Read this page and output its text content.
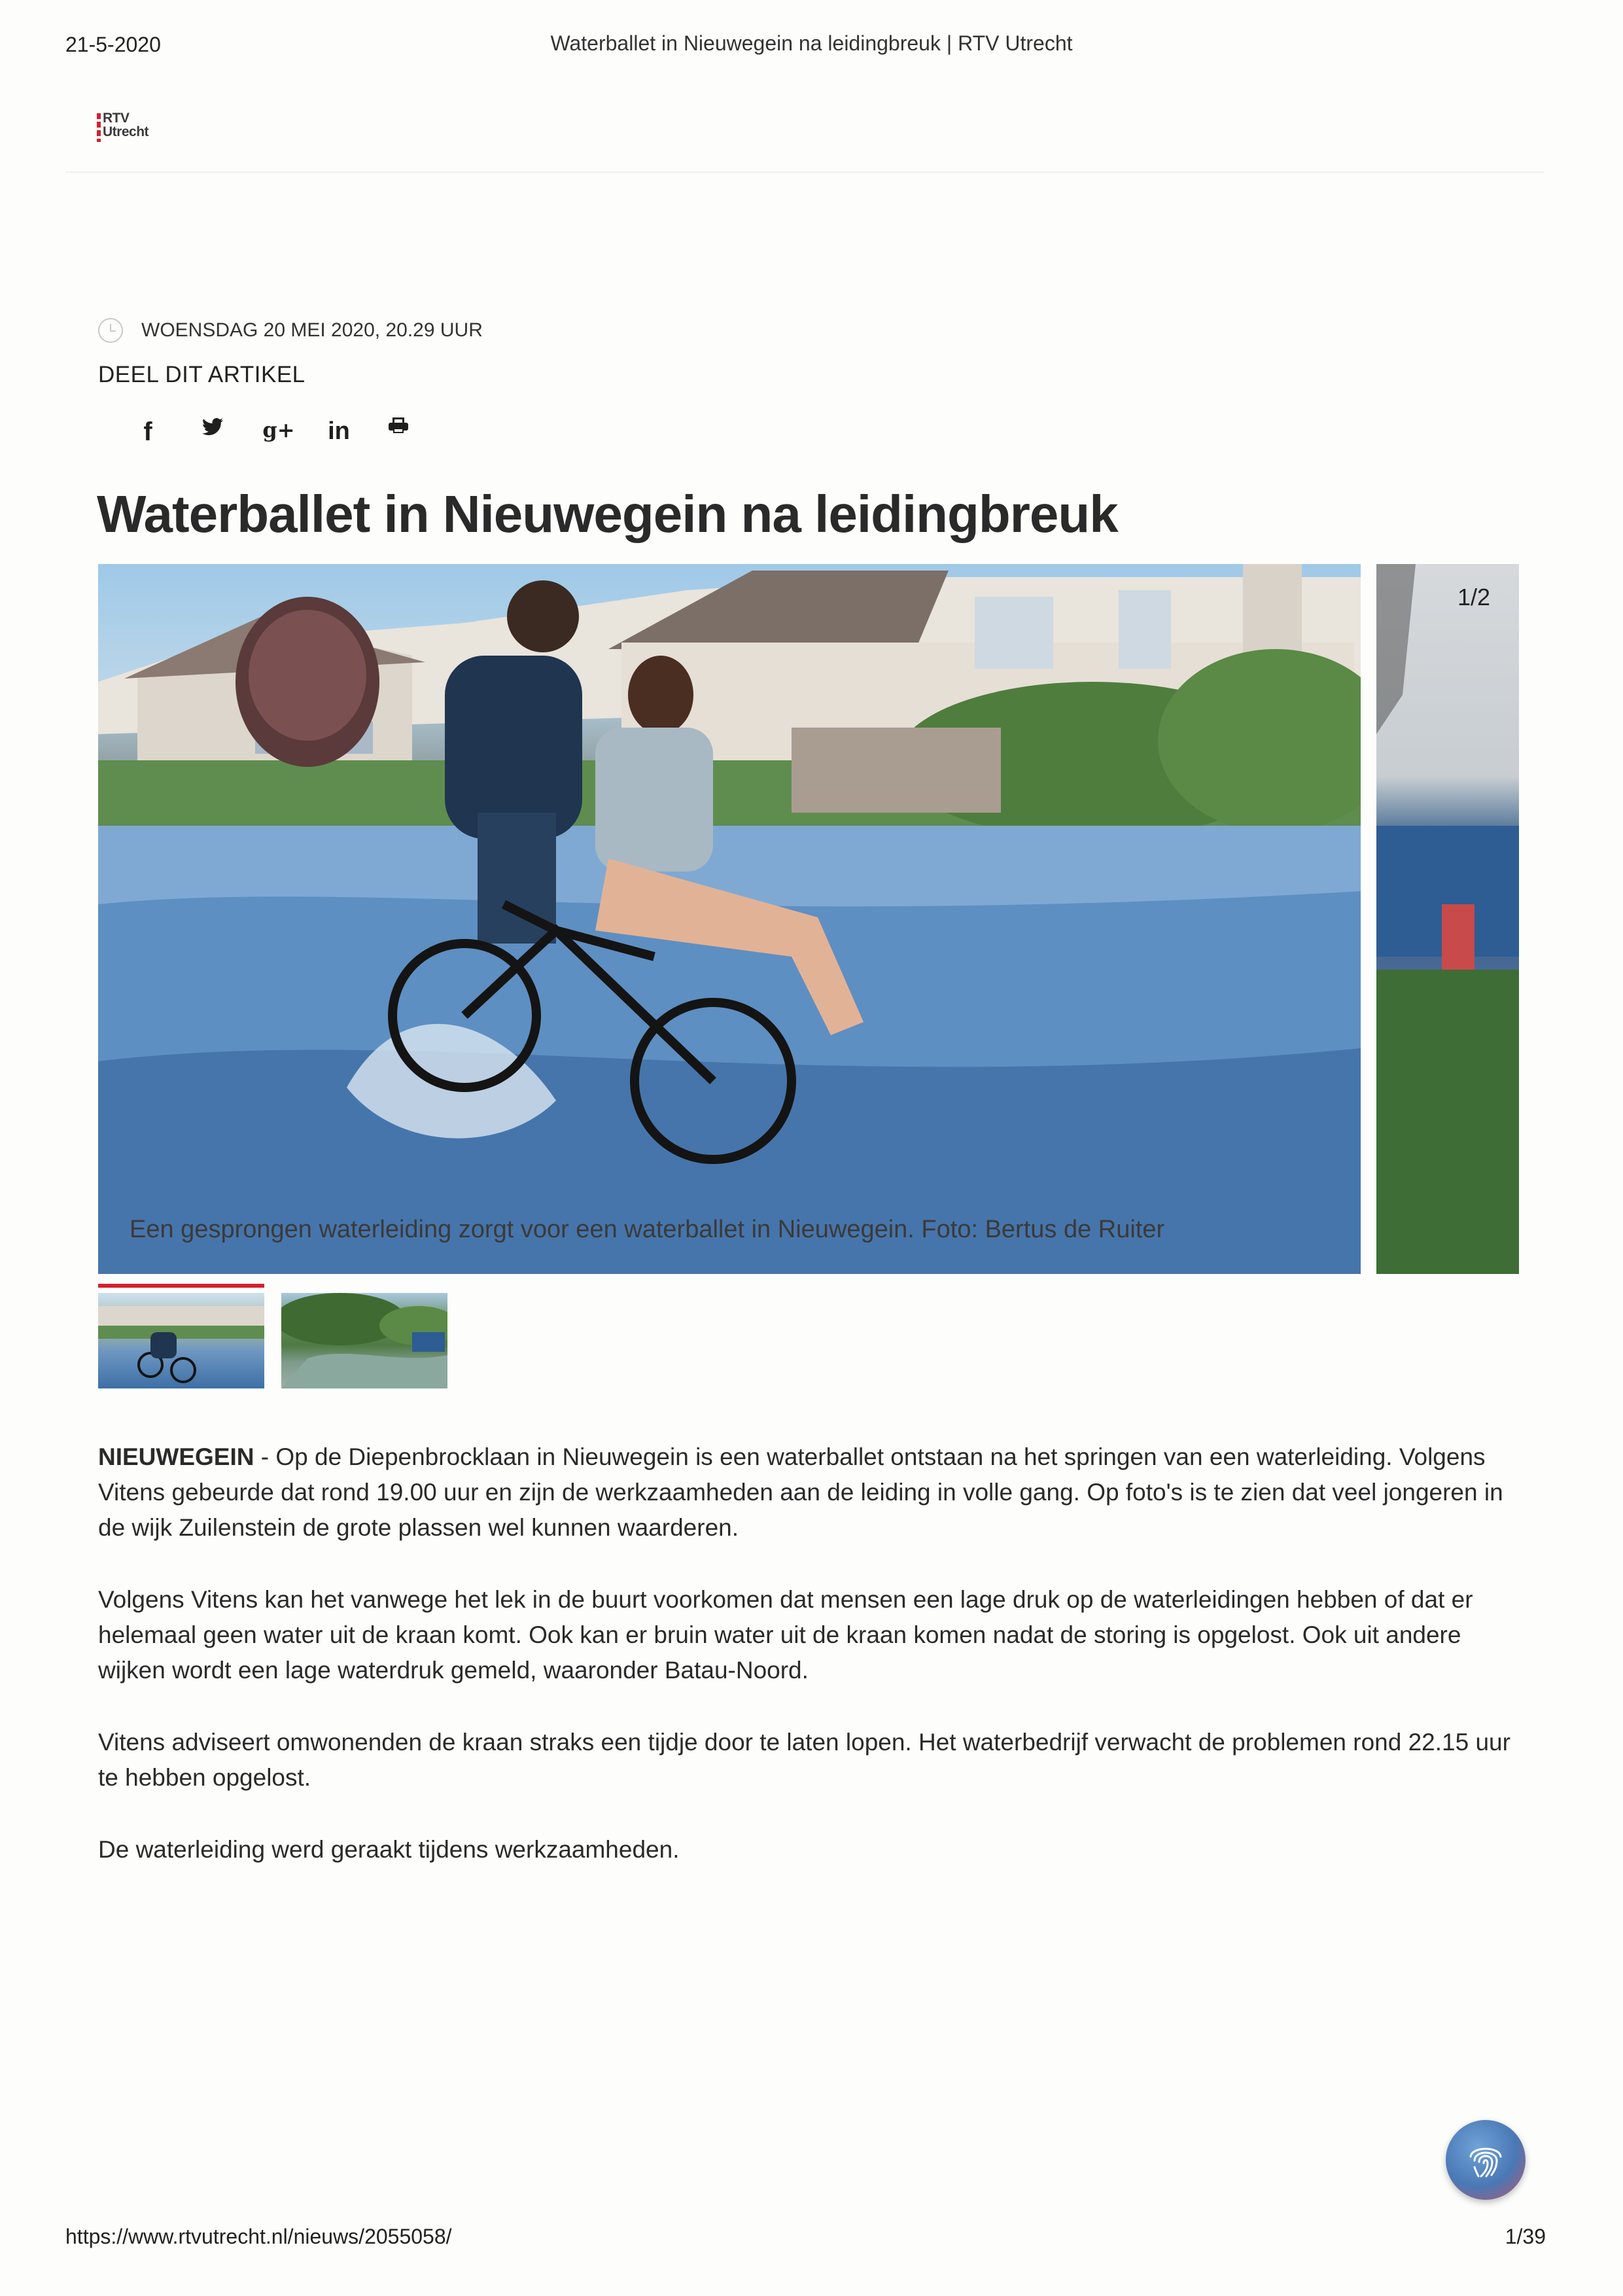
21-5-2020	Waterballet in Nieuwegein na leidingbreuk | RTV Utrecht
RTV
Utrecht
WOENSDAG 20 MEI 2020, 20.29 UUR
DEEL DIT ARTIKEL
f	g+	in
Waterballet in Nieuwegein na leidingbreuk
1/2
Een gesprongen waterleiding zorgt voor een waterballet in Nieuwegein. Foto: Bertus de Ruiter

NIEUWEGEIN - Op de Diepenbrocklaan in Nieuwegein is een waterballet ontstaan na het springen van een waterleiding. Volgens Vitens gebeurde dat rond 19.00 uur en zijn de werkzaamheden aan de leiding in volle gang. Op foto's is te zien dat veel jongeren in de wijk Zuilenstein de grote plassen wel kunnen waarderen.

Volgens Vitens kan het vanwege het lek in de buurt voorkomen dat mensen een lage druk op de waterleidingen hebben of dat er helemaal geen water uit de kraan komt. Ook kan er bruin water uit de kraan komen nadat de storing is opgelost. Ook uit andere wijken wordt een lage waterdruk gemeld, waaronder Batau-Noord.

Vitens adviseert omwonenden de kraan straks een tijdje door te laten lopen. Het waterbedrijf verwacht de problemen rond 22.15 uur te hebben opgelost.

De waterleiding werd geraakt tijdens werkzaamheden.

https://www.rtvutrecht.nl/nieuws/2055058/	1/39
